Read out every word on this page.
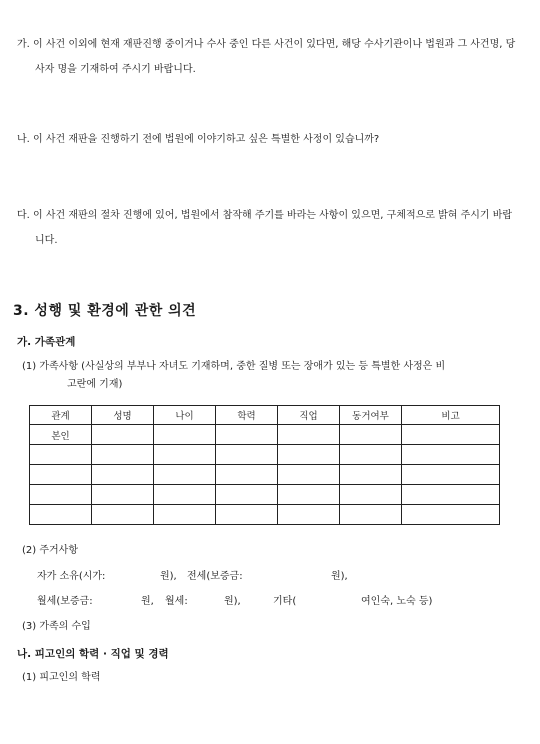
가. 이 사건 이외에 현재 재판진행 중이거나 수사 중인 다른 사건이 있다면, 해당 수사기관이나 법원과 그 사건명, 당사자 명을 기재하여 주시기 바랍니다.
나. 이 사건 재판을 진행하기 전에 법원에 이야기하고 싶은 특별한 사정이 있습니까?
다. 이 사건 재판의 절차 진행에 있어, 법원에서 참작해 주기를 바라는 사항이 있으면, 구체적으로 밝혀 주시기 바랍니다.
3. 성행 및 환경에 관한 의견
가. 가족관계
(1) 가족사항 (사실상의 부부나 자녀도 기재하며, 중한 질병 또는 장애가 있는 등 특별한 사정은 비
고란에 기재)
관계	성명	나이	학력	직업	동거여부	비고
본인						

(2) 주거사항
자가 소유(시가:	원), 전세(보증금:	원),
월세(보증금:	원, 월세:	원),	기타(	여인숙, 노숙 등)
(3) 가족의 수입
나. 피고인의 학력 · 직업 및 경력
(1) 피고인의 학력
